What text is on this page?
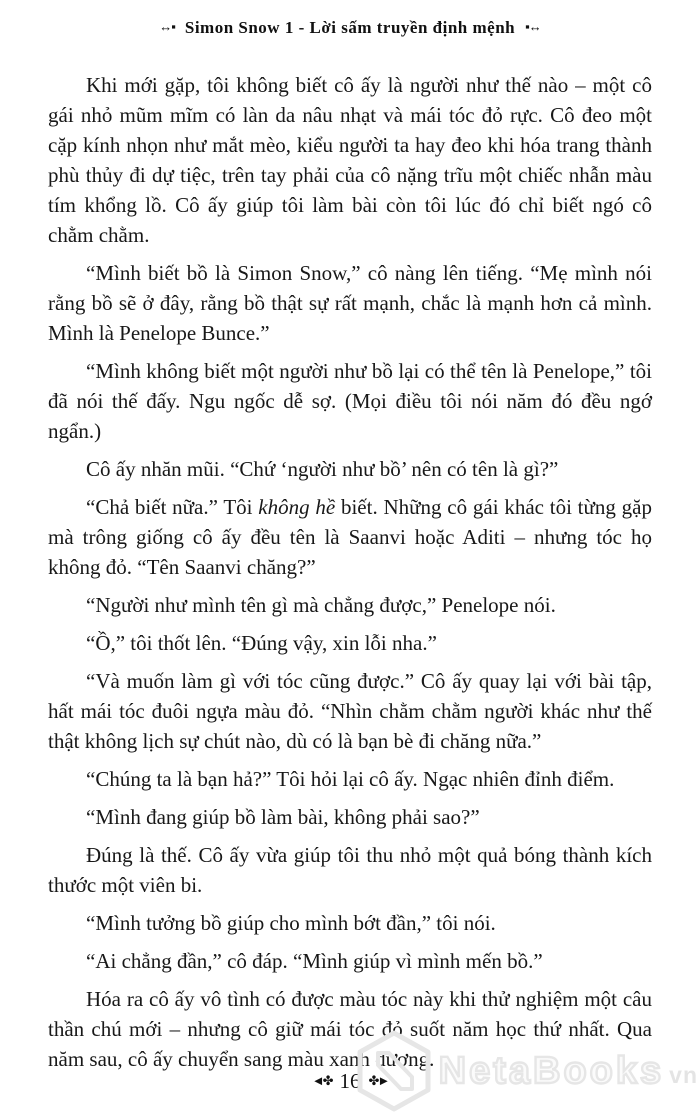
↔▪ Simon Snow 1 - Lời sấm truyền định mệnh ▪↔

Khi mới gặp, tôi không biết cô ấy là người như thế nào – một cô gái nhỏ mũm mĩm có làn da nâu nhạt và mái tóc đỏ rực. Cô đeo một cặp kính nhọn như mắt mèo, kiểu người ta hay đeo khi hóa trang thành phù thủy đi dự tiệc, trên tay phải của cô nặng trĩu một chiếc nhẫn màu tím khổng lồ. Cô ấy giúp tôi làm bài còn tôi lúc đó chỉ biết ngó cô chằm chằm.

“Mình biết bồ là Simon Snow,” cô nàng lên tiếng. “Mẹ mình nói rằng bồ sẽ ở đây, rằng bồ thật sự rất mạnh, chắc là mạnh hơn cả mình. Mình là Penelope Bunce.”

“Mình không biết một người như bồ lại có thể tên là Penelope,” tôi đã nói thế đấy. Ngu ngốc dễ sợ. (Mọi điều tôi nói năm đó đều ngớ ngẩn.)

Cô ấy nhăn mũi. “Chứ ‘người như bồ’ nên có tên là gì?”

“Chả biết nữa.” Tôi không hề biết. Những cô gái khác tôi từng gặp mà trông giống cô ấy đều tên là Saanvi hoặc Aditi – nhưng tóc họ không đỏ. “Tên Saanvi chăng?”

“Người như mình tên gì mà chẳng được,” Penelope nói.

“Ồ,” tôi thốt lên. “Đúng vậy, xin lỗi nha.”

“Và muốn làm gì với tóc cũng được.” Cô ấy quay lại với bài tập, hất mái tóc đuôi ngựa màu đỏ. “Nhìn chằm chằm người khác như thế thật không lịch sự chút nào, dù có là bạn bè đi chăng nữa.”

“Chúng ta là bạn hả?” Tôi hỏi lại cô ấy. Ngạc nhiên đỉnh điểm.

“Mình đang giúp bồ làm bài, không phải sao?”

Đúng là thế. Cô ấy vừa giúp tôi thu nhỏ một quả bóng thành kích thước một viên bi.

“Mình tưởng bồ giúp cho mình bớt đần,” tôi nói.

“Ai chẳng đần,” cô đáp. “Mình giúp vì mình mến bồ.”

Hóa ra cô ấy vô tình có được màu tóc này khi thử nghiệm một câu thần chú mới – nhưng cô giữ mái tóc đỏ suốt năm học thứ nhất. Qua năm sau, cô ấy chuyển sang màu xanh dương.

◄✤ 16 ✤►	NetaBooks vn
